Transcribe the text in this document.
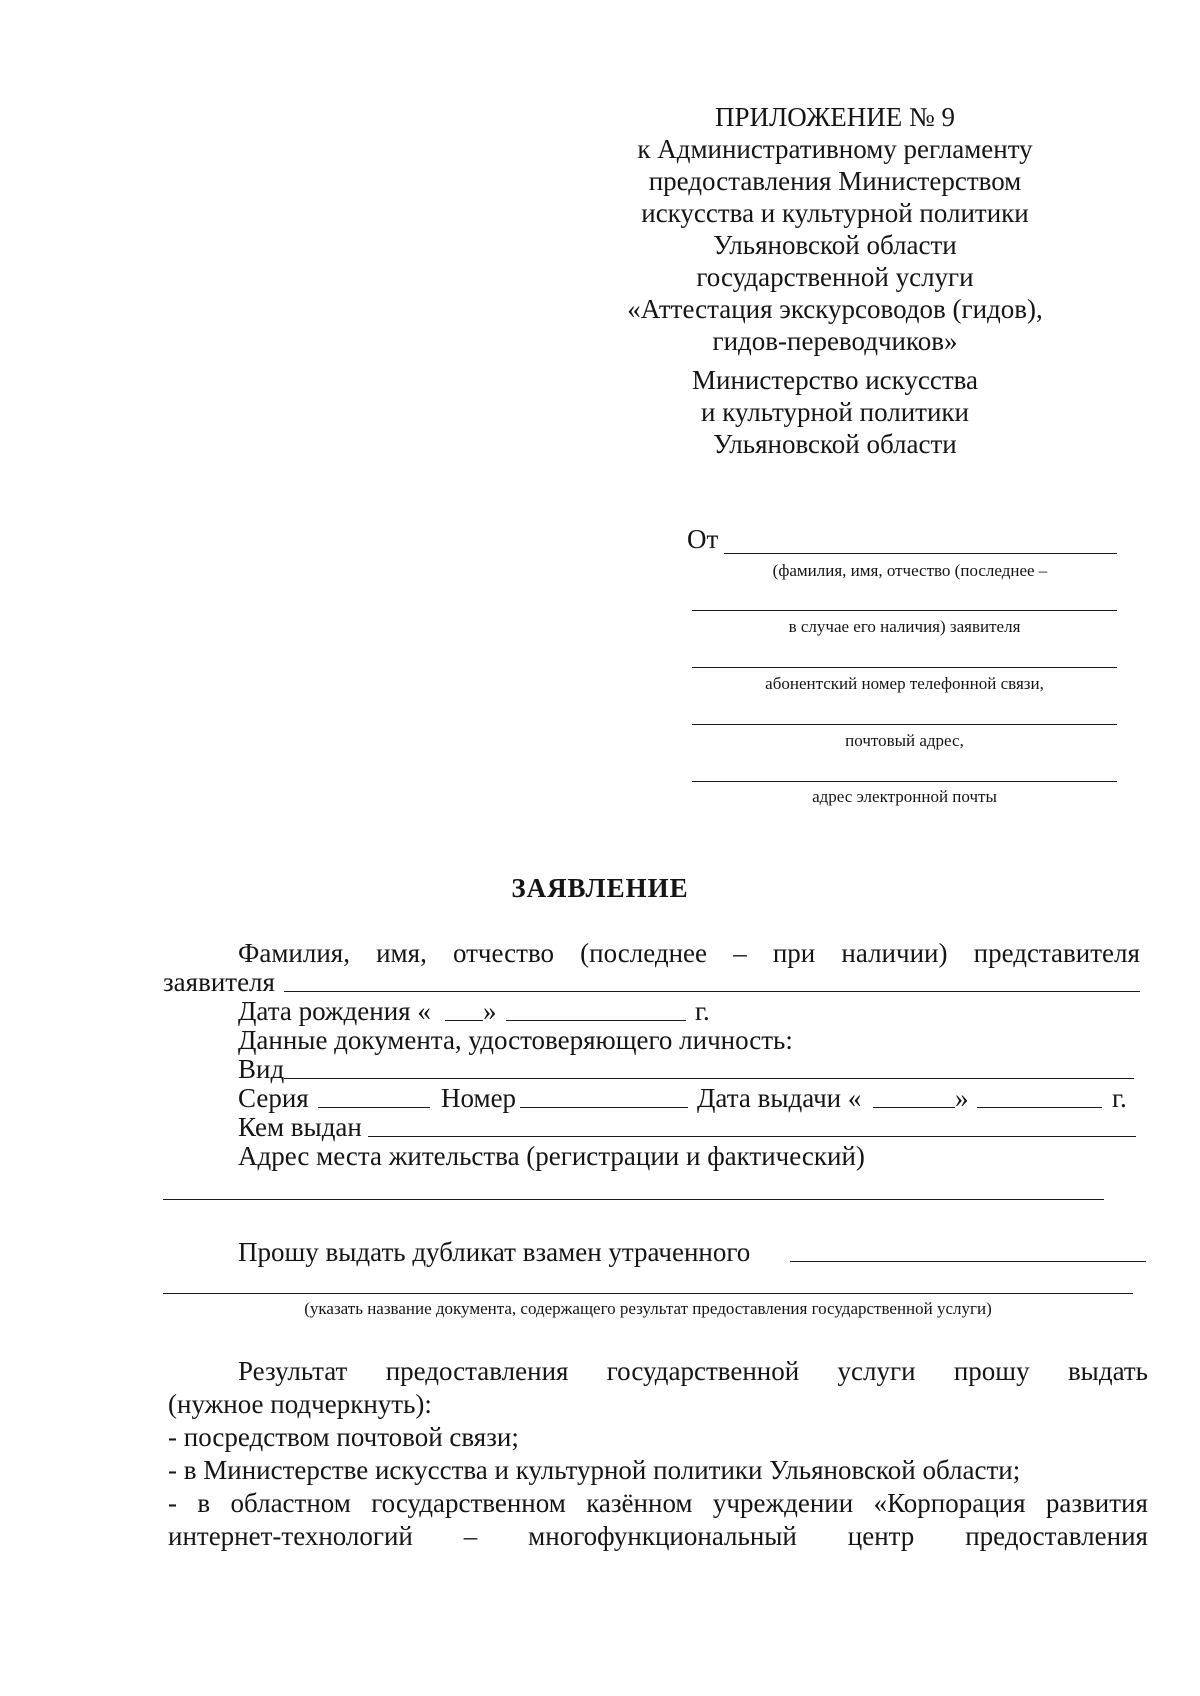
ПРИЛОЖЕНИЕ № 9
к Административному регламенту
предоставления Министерством
искусства и культурной политики
Ульяновской области
государственной услуги
«Аттестация экскурсоводов (гидов),
гидов-переводчиков»
Министерство искусства
и культурной политики
Ульяновской области
От
(фамилия, имя, отчество (последнее –
в случае его наличия) заявителя
абонентский номер телефонной связи,
почтовый адрес,
адрес электронной почты
ЗАЯВЛЕНИЕ
Фамилия, имя, отчество (последнее – при наличии) представителя
заявителя
Дата рождения « »	г.
Данные документа, удостоверяющего личность:
Вид
Серия	Номер	Дата выдачи «	»	г.
Кем выдан
Адрес места жительства (регистрации и фактический)
Прошу выдать дубликат взамен утраченного
(указать название документа, содержащего результат предоставления государственной услуги)
Результат предоставления государственной услуги прошу выдать
(нужное подчеркнуть):
- посредством почтовой связи;
- в Министерстве искусства и культурной политики Ульяновской области;
- в областном государственном казённом учреждении «Корпорация развития
интернет-технологий – многофункциональный центр предоставления
